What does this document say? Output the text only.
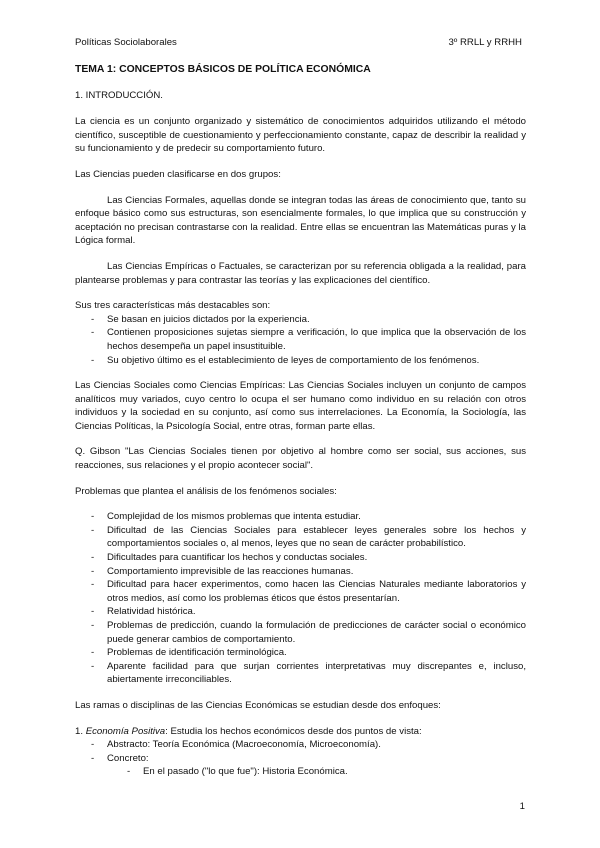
Políticas Sociolaborales	3º RRLL y RRHH
TEMA 1: CONCEPTOS BÁSICOS DE POLÍTICA ECONÓMICA
1. INTRODUCCIÓN.

La ciencia es un conjunto organizado y sistemático de conocimientos adquiridos utilizando el método científico, susceptible de cuestionamiento y perfeccionamiento constante, capaz de describir la realidad y su funcionamiento y de predecir su comportamiento futuro.

Las Ciencias pueden clasificarse en dos grupos:

Las Ciencias Formales, aquellas donde se integran todas las áreas de conocimiento que, tanto su enfoque básico como sus estructuras, son esencialmente formales, lo que implica que su construcción y aceptación no precisan contrastarse con la realidad. Entre ellas se encuentran las Matemáticas puras y la Lógica formal.

Las Ciencias Empíricas o Factuales, se caracterizan por su referencia obligada a la realidad, para plantearse problemas y para contrastar las teorías y las explicaciones del científico.

Sus tres características más destacables son:
- Se basan en juicios dictados por la experiencia.
- Contienen proposiciones sujetas siempre a verificación, lo que implica que la observación de los hechos desempeña un papel insustituible.
- Su objetivo último es el establecimiento de leyes de comportamiento de los fenómenos.

Las Ciencias Sociales como Ciencias Empíricas: Las Ciencias Sociales incluyen un conjunto de campos analíticos muy variados, cuyo centro lo ocupa el ser humano como individuo en su relación con otros individuos y la sociedad en su conjunto, así como sus interrelaciones. La Economía, la Sociología, las Ciencias Políticas, la Psicología Social, entre otras, forman parte ellas.

Q. Gibson "Las Ciencias Sociales tienen por objetivo al hombre como ser social, sus acciones, sus reacciones, sus relaciones y el propio acontecer social".

Problemas que plantea el análisis de los fenómenos sociales:

- Complejidad de los mismos problemas que intenta estudiar.
- Dificultad de las Ciencias Sociales para establecer leyes generales sobre los hechos y comportamientos sociales o, al menos, leyes que no sean de carácter probabilístico.
- Dificultades para cuantificar los hechos y conductas sociales.
- Comportamiento imprevisible de las reacciones humanas.
- Dificultad para hacer experimentos, como hacen las Ciencias Naturales mediante laboratorios y otros medios, así como los problemas éticos que éstos presentarían.
- Relatividad histórica.
- Problemas de predicción, cuando la formulación de predicciones de carácter social o económico puede generar cambios de comportamiento.
- Problemas de identificación terminológica.
- Aparente facilidad para que surjan corrientes interpretativas muy discrepantes e, incluso, abiertamente irreconciliables.

Las ramas o disciplinas de las Ciencias Económicas se estudian desde dos enfoques:

1. Economía Positiva: Estudia los hechos económicos desde dos puntos de vista:
- Abstracto: Teoría Económica (Macroeconomía, Microeconomía).
- Concreto:
- En el pasado ("lo que fue"): Historia Económica.
1
